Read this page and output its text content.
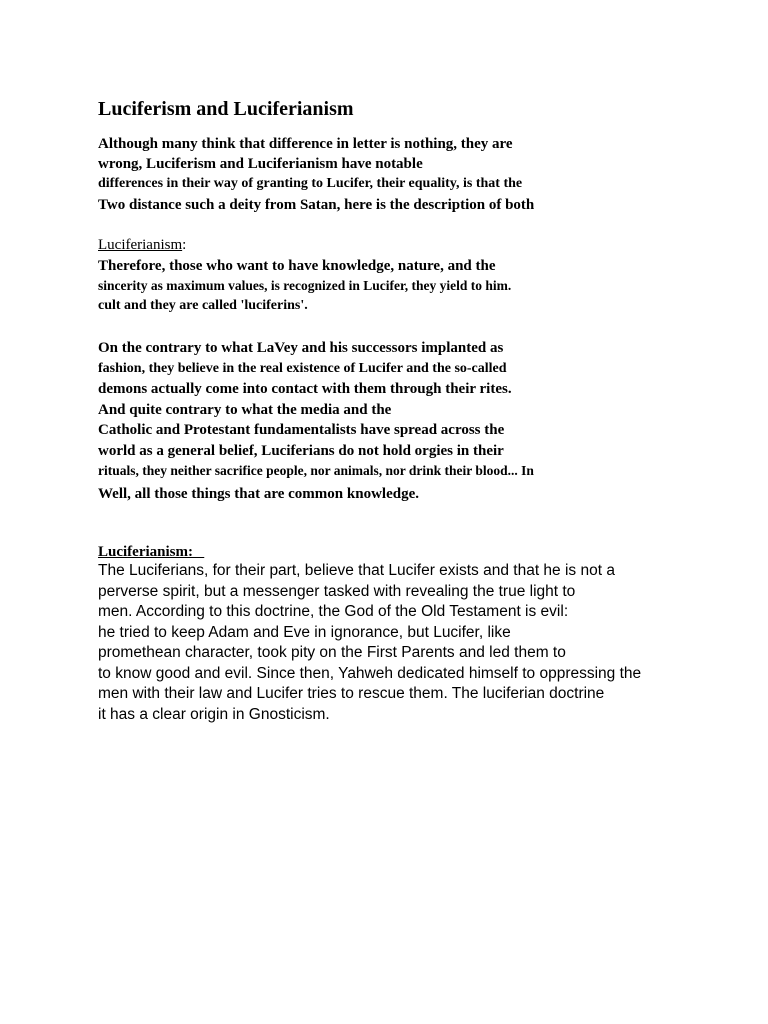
Luciferism and Luciferianism
Although many think that difference in letter is nothing, they are
wrong, Luciferism and Luciferianism have notable
differences in their way of granting to Lucifer, their equality, is that the
Two distance such a deity from Satan, here is the description of both
Luciferianism:
Therefore, those who want to have knowledge, nature, and the
sincerity as maximum values, is recognized in Lucifer, they yield to him.
cult and they are called 'luciferins'.
On the contrary to what LaVey and his successors implanted as
fashion, they believe in the real existence of Lucifer and the so-called
demons actually come into contact with them through their rites.
And quite contrary to what the media and the
Catholic and Protestant fundamentalists have spread across the
world as a general belief, Luciferians do not hold orgies in their
rituals, they neither sacrifice people, nor animals, nor drink their blood... In
Well, all those things that are common knowledge.
Luciferianism:
The Luciferians, for their part, believe that Lucifer exists and that he is not a
perverse spirit, but a messenger tasked with revealing the true light to
men. According to this doctrine, the God of the Old Testament is evil:
he tried to keep Adam and Eve in ignorance, but Lucifer, like
promethean character, took pity on the First Parents and led them to
to know good and evil. Since then, Yahweh dedicated himself to oppressing the
men with their law and Lucifer tries to rescue them. The luciferian doctrine
it has a clear origin in Gnosticism.
